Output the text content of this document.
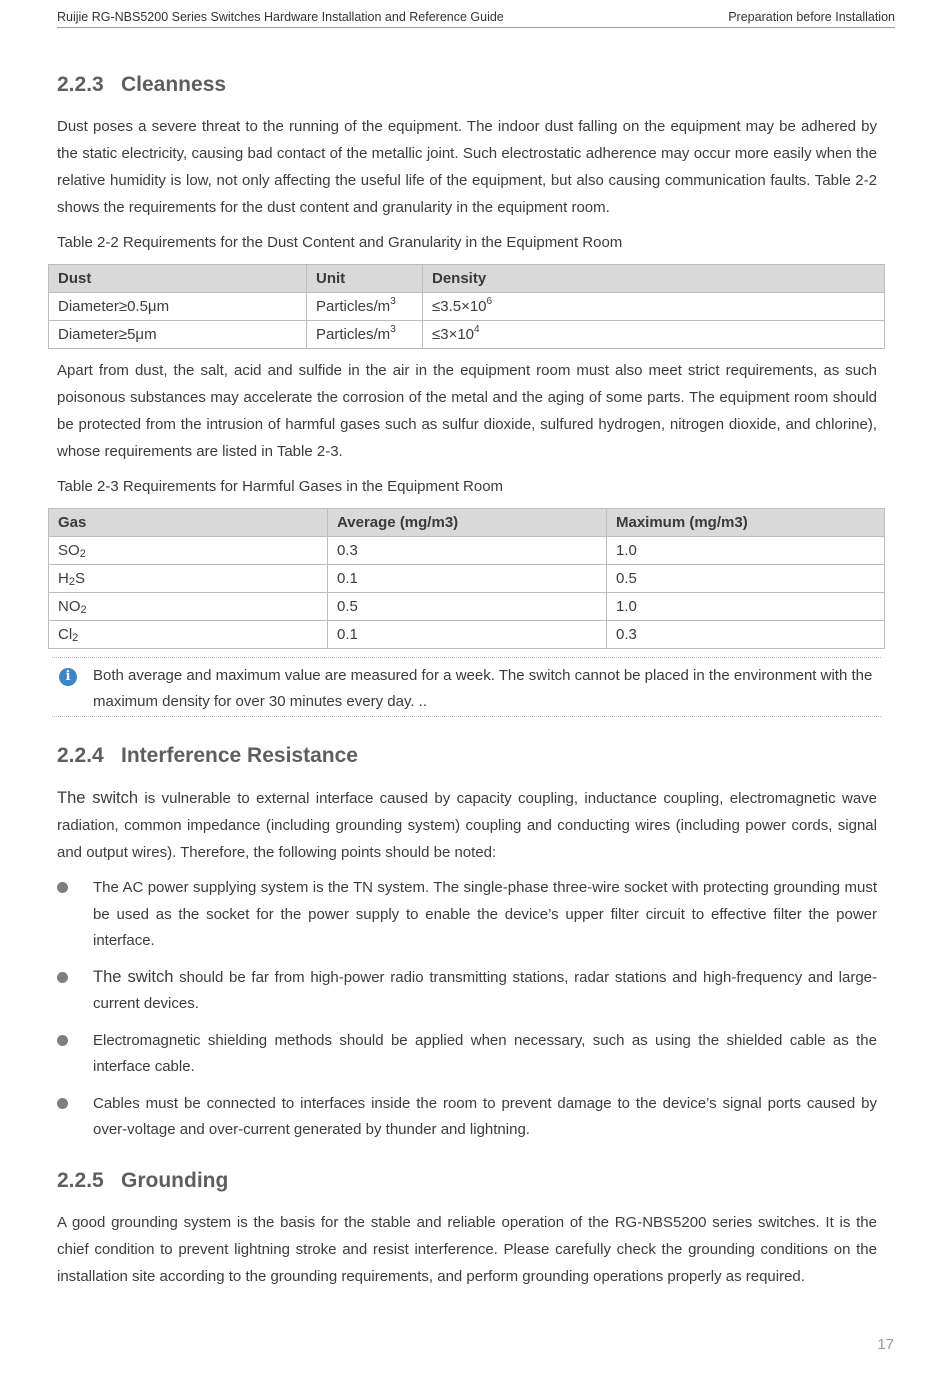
Ruijie RG-NBS5200 Series Switches Hardware Installation and Reference Guide	Preparation before Installation
2.2.3 Cleanness

Dust poses a severe threat to the running of the equipment. The indoor dust falling on the equipment may be adhered by the static electricity, causing bad contact of the metallic joint. Such electrostatic adherence may occur more easily when the relative humidity is low, not only affecting the useful life of the equipment, but also causing communication faults. Table 2-2 shows the requirements for the dust content and granularity in the equipment room.

Table 2-2 Requirements for the Dust Content and Granularity in the Equipment Room

Dust	Unit	Density
Diameter≥0.5μm	Particles/$m^3$	$\le 3.5\times 10^6$
Diameter≥5μm	Particles/$m^3$	$\le 3\times 10^4$

Apart from dust, the salt, acid and sulfide in the air in the equipment room must also meet strict requirements, as such poisonous substances may accelerate the corrosion of the metal and the aging of some parts. The equipment room should be protected from the intrusion of harmful gases such as sulfur dioxide, sulfured hydrogen, nitrogen dioxide, and chlorine), whose requirements are listed in Table 2-3.

Table 2-3 Requirements for Harmful Gases in the Equipment Room

Gas	Average (mg/m3)	Maximum (mg/m3)
$SO_2$	0.3	1.0
$H_2S$	0.1	0.5
$NO_2$	0.5	1.0
$Cl_2$	0.1	0.3
i	Both average and maximum value are measured for a week. The switch cannot be placed in the environment with the maximum density for over 30 minutes every day. ..
2.2.4 Interference Resistance

The switch is vulnerable to external interface caused by capacity coupling, inductance coupling, electromagnetic wave radiation, common impedance (including grounding system) coupling and conducting wires (including power cords, signal and output wires). Therefore, the following points should be noted:

The AC power supplying system is the TN system. The single-phase three-wire socket with protecting grounding must be used as the socket for the power supply to enable the device’s upper filter circuit to effective filter the power interface.
The switch should be far from high-power radio transmitting stations, radar stations and high-frequency and large-current devices.
Electromagnetic shielding methods should be applied when necessary, such as using the shielded cable as the interface cable.
Cables must be connected to interfaces inside the room to prevent damage to the device’s signal ports caused by over-voltage and over-current generated by thunder and lightning.
2.2.5 Grounding

A good grounding system is the basis for the stable and reliable operation of the RG-NBS5200 series switches. It is the chief condition to prevent lightning stroke and resist interference. Please carefully check the grounding conditions on the installation site according to the grounding requirements, and perform grounding operations properly as required.

17
